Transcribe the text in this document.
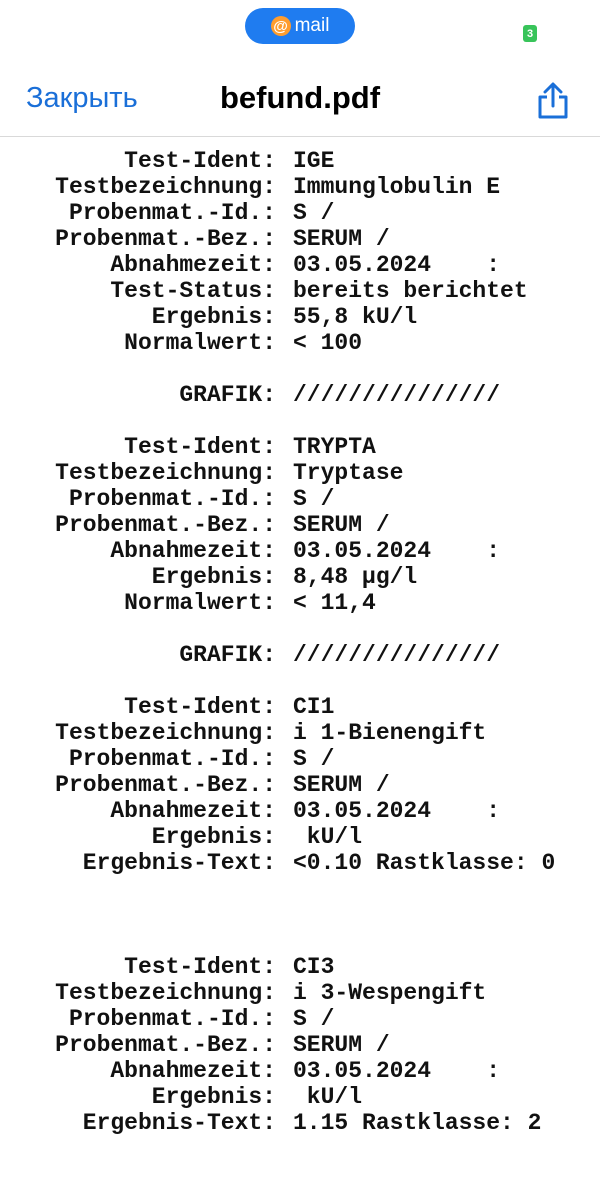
@ mail	3
Закрыть	befund.pdf
Test-Ident: IGE
Testbezeichnung: Immunglobulin E
Probenmat.-Id.: S /
Probenmat.-Bez.: SERUM /
Abnahmezeit: 03.05.2024    :
Test-Status: bereits berichtet
Ergebnis: 55,8 kU/l
Normalwert: < 100
GRAFIK: ///////////////
Test-Ident: TRYPTA
Testbezeichnung: Tryptase
Probenmat.-Id.: S /
Probenmat.-Bez.: SERUM /
Abnahmezeit: 03.05.2024    :
Ergebnis: 8,48 µg/l
Normalwert: < 11,4
GRAFIK: ///////////////
Test-Ident: CI1
Testbezeichnung: i 1-Bienengift
Probenmat.-Id.: S /
Probenmat.-Bez.: SERUM /
Abnahmezeit: 03.05.2024    :
Ergebnis: kU/l
Ergebnis-Text: <0.10 Rastklasse: 0
Test-Ident: CI3
Testbezeichnung: i 3-Wespengift
Probenmat.-Id.: S /
Probenmat.-Bez.: SERUM /
Abnahmezeit: 03.05.2024    :
Ergebnis: kU/l
Ergebnis-Text: 1.15 Rastklasse: 2
